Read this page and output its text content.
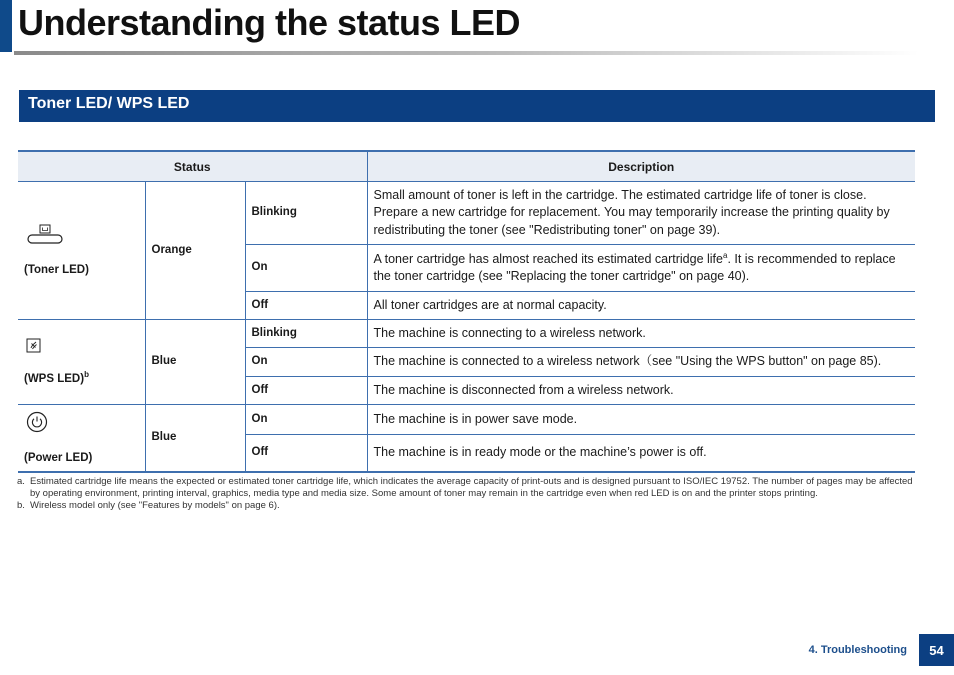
Understanding the status LED
Toner LED/ WPS LED
Status			Description

(Toner LED)	Orange	Blinking	Small amount of toner is left in the cartridge. The estimated cartridge life of toner is close. Prepare a new cartridge for replacement. You may temporarily increase the printing quality by redistributing the toner (see "Redistributing toner" on page 39).
		On	A toner cartridge has almost reached its estimated cartridge life$^a$. It is recommended to replace the toner cartridge (see "Replacing the toner cartridge" on page 40).
		Off	All toner cartridges are at normal capacity.

(WPS LED)$^b$	Blue	Blinking	The machine is connecting to a wireless network.
		On	The machine is connected to a wireless network（see "Using the WPS button" on page 85).
		Off	The machine is disconnected from a wireless network.

(Power LED)	Blue	On	The machine is in power save mode.
		Off	The machine is in ready mode or the machine’s power is off.
a. Estimated cartridge life means the expected or estimated toner cartridge life, which indicates the average capacity of print-outs and is designed pursuant to ISO/IEC 19752. The number of pages may be affected by operating environment, printing interval, graphics, media type and media size. Some amount of toner may remain in the cartridge even when red LED is on and the printer stops printing.
b. Wireless model only (see "Features by models" on page 6).
4. Troubleshooting	54
